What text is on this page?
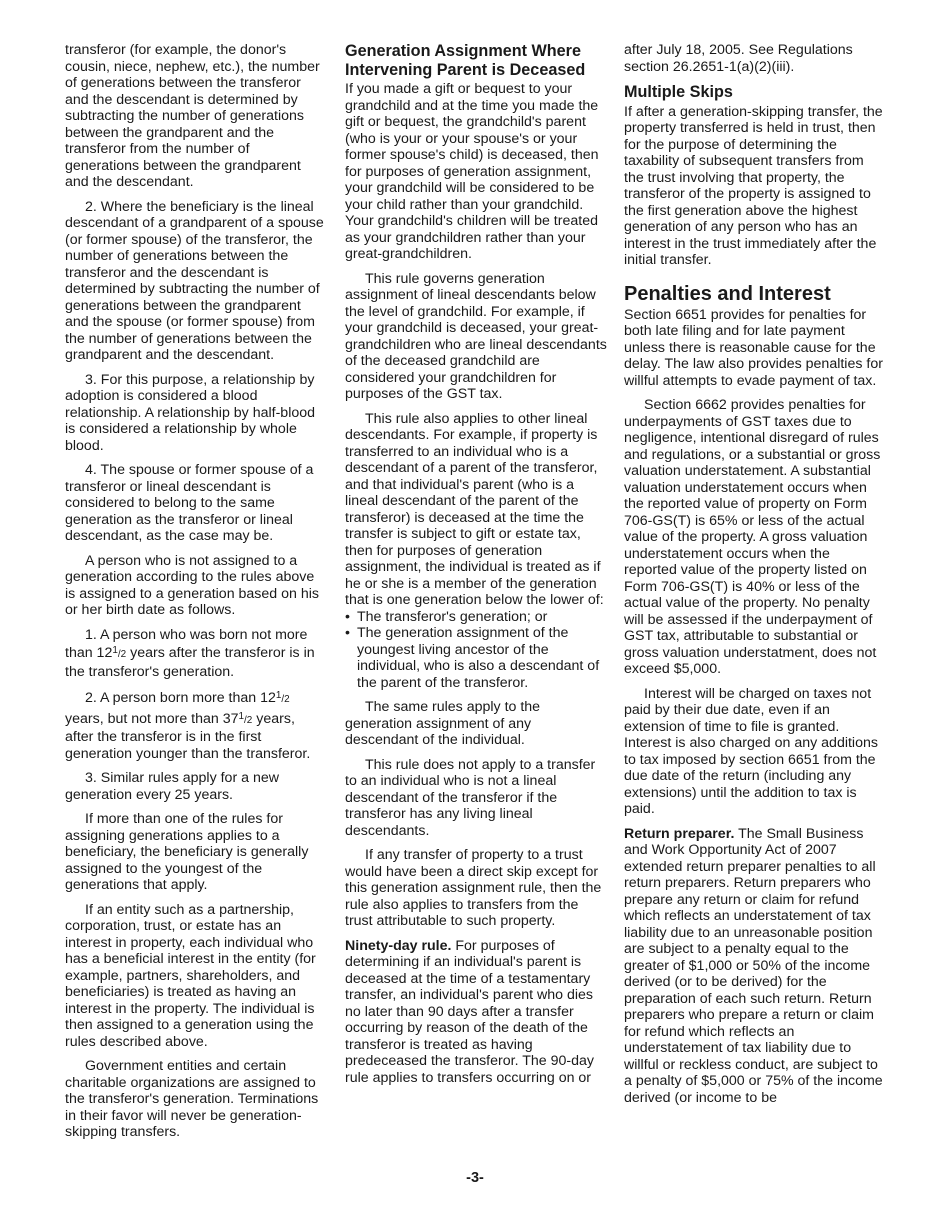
transferor (for example, the donor's cousin, niece, nephew, etc.), the number of generations between the transferor and the descendant is determined by subtracting the number of generations between the grandparent and the transferor from the number of generations between the grandparent and the descendant.

2. Where the beneficiary is the lineal descendant of a grandparent of a spouse (or former spouse) of the transferor, the number of generations between the transferor and the descendant is determined by subtracting the number of generations between the grandparent and the spouse (or former spouse) from the number of generations between the grandparent and the descendant.

3. For this purpose, a relationship by adoption is considered a blood relationship. A relationship by half-blood is considered a relationship by whole blood.

4. The spouse or former spouse of a transferor or lineal descendant is considered to belong to the same generation as the transferor or lineal descendant, as the case may be.

A person who is not assigned to a generation according to the rules above is assigned to a generation based on his or her birth date as follows.

1. A person who was born not more than $12^1/2$ years after the transferor is in the transferor's generation.

2. A person born more than $12^1/2$ years, but not more than $37^1/2$ years, after the transferor is in the first generation younger than the transferor.

3. Similar rules apply for a new generation every 25 years.

If more than one of the rules for assigning generations applies to a beneficiary, the beneficiary is generally assigned to the youngest of the generations that apply.

If an entity such as a partnership, corporation, trust, or estate has an interest in property, each individual who has a beneficial interest in the entity (for example, partners, shareholders, and beneficiaries) is treated as having an interest in the property. The individual is then assigned to a generation using the rules described above.

Government entities and certain charitable organizations are assigned to the transferor's generation. Terminations in their favor will never be generation-skipping transfers.

Generation Assignment Where Intervening Parent is Deceased

If you made a gift or bequest to your grandchild and at the time you made the gift or bequest, the grandchild's parent (who is your or your spouse's or your former spouse's child) is deceased, then for purposes of generation assignment, your grandchild will be considered to be your child rather than your grandchild. Your grandchild's children will be treated as your grandchildren rather than your great-grandchildren.

This rule governs generation assignment of lineal descendants below the level of grandchild. For example, if your grandchild is deceased, your great-grandchildren who are lineal descendants of the deceased grandchild are considered your grandchildren for purposes of the GST tax.

This rule also applies to other lineal descendants. For example, if property is transferred to an individual who is a descendant of a parent of the transferor, and that individual's parent (who is a lineal descendant of the parent of the transferor) is deceased at the time the transfer is subject to gift or estate tax, then for purposes of generation assignment, the individual is treated as if he or she is a member of the generation that is one generation below the lower of:

• The transferor's generation; or
• The generation assignment of the youngest living ancestor of the individual, who is also a descendant of the parent of the transferor.

The same rules apply to the generation assignment of any descendant of the individual.

This rule does not apply to a transfer to an individual who is not a lineal descendant of the transferor if the transferor has any living lineal descendants.

If any transfer of property to a trust would have been a direct skip except for this generation assignment rule, then the rule also applies to transfers from the trust attributable to such property.

Ninety-day rule. For purposes of determining if an individual's parent is deceased at the time of a testamentary transfer, an individual's parent who dies no later than 90 days after a transfer occurring by reason of the death of the transferor is treated as having predeceased the transferor. The 90-day rule applies to transfers occurring on or

after July 18, 2005. See Regulations section 26.2651-1(a)(2)(iii).

Multiple Skips

If after a generation-skipping transfer, the property transferred is held in trust, then for the purpose of determining the taxability of subsequent transfers from the trust involving that property, the transferor of the property is assigned to the first generation above the highest generation of any person who has an interest in the trust immediately after the initial transfer.

Penalties and Interest

Section 6651 provides for penalties for both late filing and for late payment unless there is reasonable cause for the delay. The law also provides penalties for willful attempts to evade payment of tax.

Section 6662 provides penalties for underpayments of GST taxes due to negligence, intentional disregard of rules and regulations, or a substantial or gross valuation understatement. A substantial valuation understatement occurs when the reported value of property on Form 706-GS(T) is 65% or less of the actual value of the property. A gross valuation understatement occurs when the reported value of the property listed on Form 706-GS(T) is 40% or less of the actual value of the property. No penalty will be assessed if the underpayment of GST tax, attributable to substantial or gross valuation understatment, does not exceed $5,000.

Interest will be charged on taxes not paid by their due date, even if an extension of time to file is granted. Interest is also charged on any additions to tax imposed by section 6651 from the due date of the return (including any extensions) until the addition to tax is paid.

Return preparer. The Small Business and Work Opportunity Act of 2007 extended return preparer penalties to all return preparers. Return preparers who prepare any return or claim for refund which reflects an understatement of tax liability due to an unreasonable position are subject to a penalty equal to the greater of $1,000 or 50% of the income derived (or to be derived) for the preparation of each such return. Return preparers who prepare a return or claim for refund which reflects an understatement of tax liability due to willful or reckless conduct, are subject to a penalty of $5,000 or 75% of the income derived (or income to be

-3-
